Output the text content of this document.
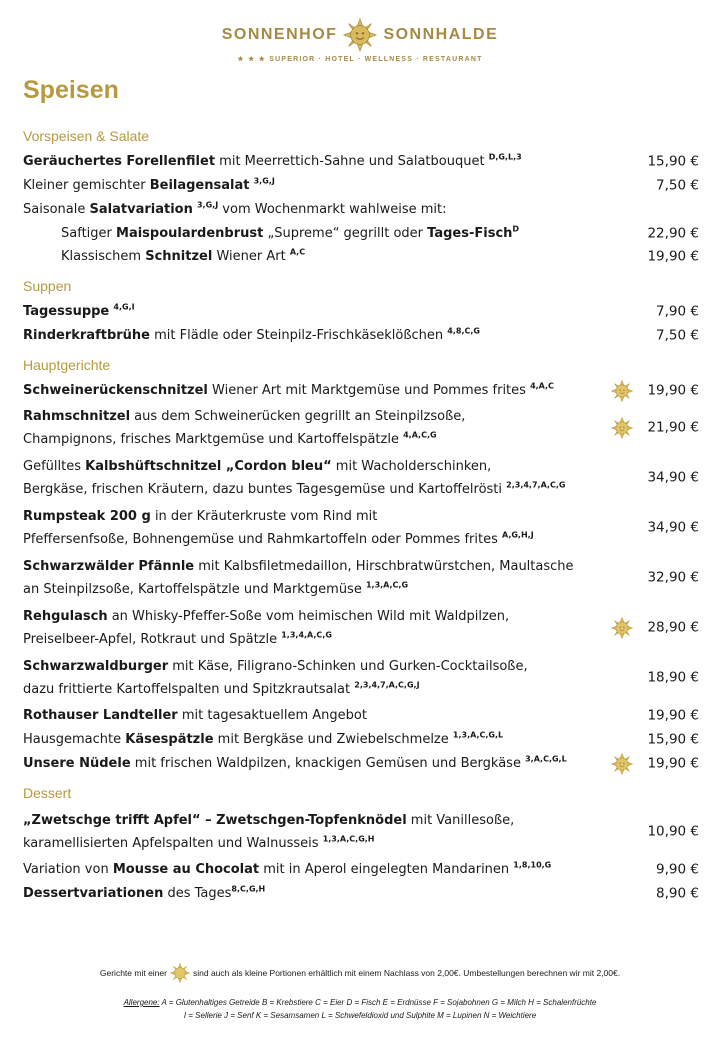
SONNENHOF	SONNHALDE
★ ★ ★ SUPERIOR · HOTEL · WELLNESS · RESTAURANT
Speisen
Vorspeisen & Salate
Geräuchertes Forellenfilet mit Meerrettich-Sahne und Salatbouquet $^{D,G,L,3}$	15,90 €
Kleiner gemischter Beilagensalat $^{3,G,J}$	7,50 €
Saisonale Salatvariation $^{3,G,J}$ vom Wochenmarkt wahlweise mit:
Saftiger Maispoulardenbrust „Supreme“ gegrillt oder Tages-Fisch$^D$	22,90 €
Klassischem Schnitzel Wiener Art $^{A,C}$	19,90 €
Suppen
Tagessuppe $^{4,G,I}$	7,90 €
Rinderkraftbrühe mit Flädle oder Steinpilz-Frischkäseklößchen $^{4,8,C,G}$	7,50 €
Hauptgerichte
Schweinerückenschnitzel Wiener Art mit Marktgemüse und Pommes frites $^{4,A,C}$	19,90 €
Rahmschnitzel aus dem Schweinerücken gegrillt an Steinpilzsoße,
Champignons, frisches Marktgemüse und Kartoffelspätzle $^{4,A,C,G}$	21,90 €
Gefülltes Kalbshüftschnitzel „Cordon bleu“ mit Wacholderschinken,
Bergkäse, frischen Kräutern, dazu buntes Tagesgemüse und Kartoffelrösti $^{2,3,4,7,A,C,G}$	34,90 €
Rumpsteak 200 g in der Kräuterkruste vom Rind mit
Pfeffersenfsoße, Bohnengemüse und Rahmkartoffeln oder Pommes frites $^{A,G,H,J}$	34,90 €
Schwarzwälder Pfännle mit Kalbsfiletmedaillon, Hirschbratwürstchen, Maultasche
an Steinpilzsoße, Kartoffelspätzle und Marktgemüse $^{1,3,A,C,G}$	32,90 €
Rehgulasch an Whisky-Pfeffer-Soße vom heimischen Wild mit Waldpilzen,
Preiselbeer-Apfel, Rotkraut und Spätzle $^{1,3,4,A,C,G}$	28,90 €
Schwarzwaldburger mit Käse, Filigrano-Schinken und Gurken-Cocktailsoße,
dazu frittierte Kartoffelspalten und Spitzkrautsalat $^{2,3,4,7,A,C,G,J}$	18,90 €
Rothauser Landteller mit tagesaktuellem Angebot	19,90 €
Hausgemachte Käsespätzle mit Bergkäse und Zwiebelschmelze $^{1,3,A,C,G,L}$	15,90 €
Unsere Nüdele mit frischen Waldpilzen, knackigen Gemüsen und Bergkäse $^{3,A,C,G,L}$	19,90 €
Dessert
„Zwetschge trifft Apfel“ – Zwetschgen-Topfenknödel mit Vanillesoße,
karamellisierten Apfelspalten und Walnusseis $^{1,3,A,C,G,H}$	10,90 €
Variation von Mousse au Chocolat mit in Aperol eingelegten Mandarinen $^{1,8,10,G}$	9,90 €
Dessertvariationen des Tages$^{8,C,G,H}$	8,90 €
Gerichte mit einer	sind auch als kleine Portionen erhältlich mit einem Nachlass von 2,00€. Umbestellungen berechnen wir mit 2,00€.
Allergene: A = Glutenhaltiges Getreide B = Krebstiere C = Eier D = Fisch E = Erdnüsse F = Sojabohnen G = Milch H = Schalenfrüchte
I = Sellerie J = Senf K = Sesamsamen L = Schwefeldioxid und Sulphite M = Lupinen N = Weichtiere
